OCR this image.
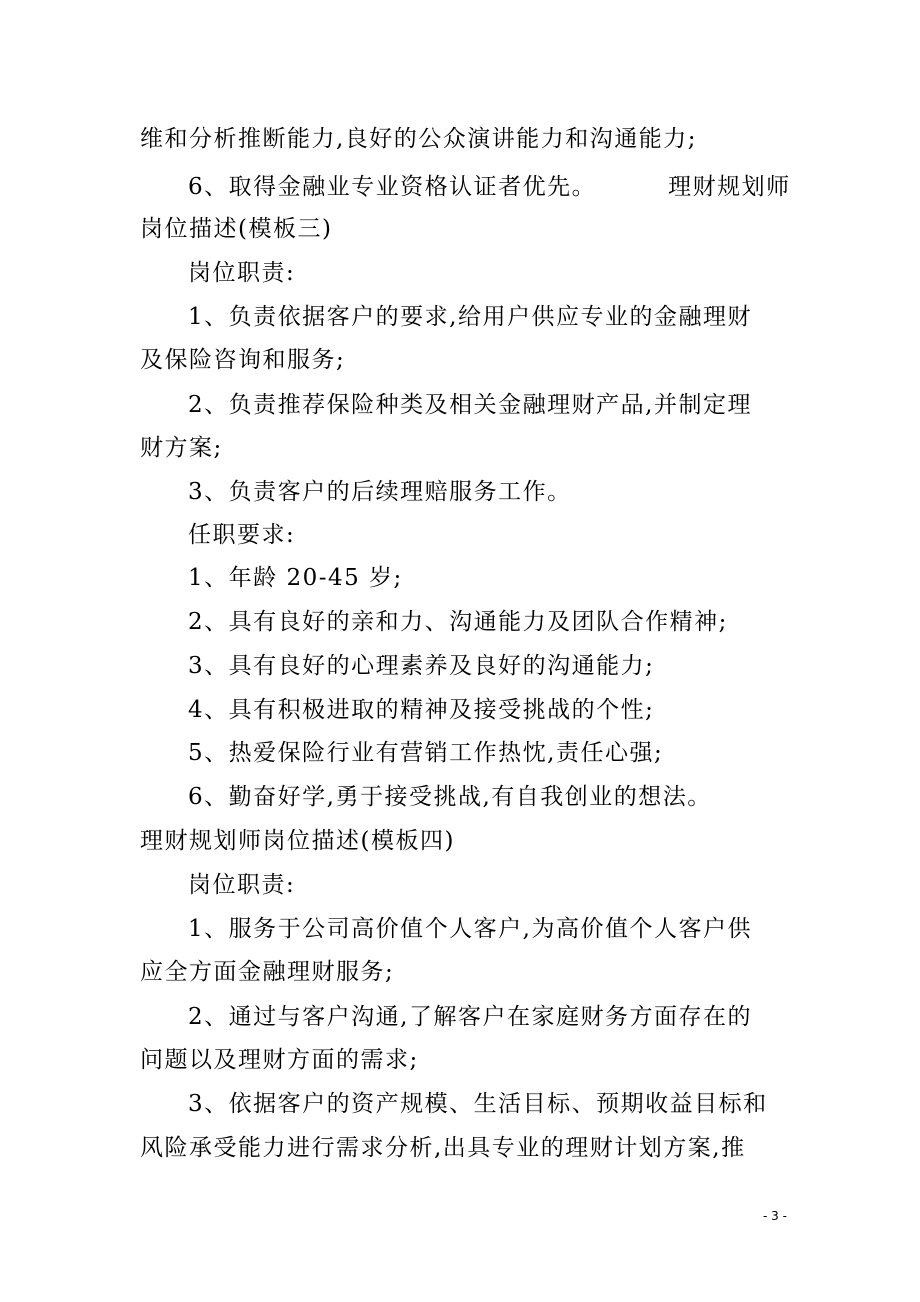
维和分析推断能力,良好的公众演讲能力和沟通能力;
6、取得金融业专业资格认证者优先。	理财规划师
岗位描述(模板三)
岗位职责:
1、负责依据客户的要求,给用户供应专业的金融理财
及保险咨询和服务;
2、负责推荐保险种类及相关金融理财产品,并制定理
财方案;
3、负责客户的后续理赔服务工作。
任职要求:
1、年龄 20-45 岁;
2、具有良好的亲和力、沟通能力及团队合作精神;
3、具有良好的心理素养及良好的沟通能力;
4、具有积极进取的精神及接受挑战的个性;
5、热爱保险行业有营销工作热忱,责任心强;
6、勤奋好学,勇于接受挑战,有自我创业的想法。
理财规划师岗位描述(模板四)
岗位职责:
1、服务于公司高价值个人客户,为高价值个人客户供
应全方面金融理财服务;
2、通过与客户沟通,了解客户在家庭财务方面存在的
问题以及理财方面的需求;
3、依据客户的资产规模、生活目标、预期收益目标和
风险承受能力进行需求分析,出具专业的理财计划方案,推
- 3 -
